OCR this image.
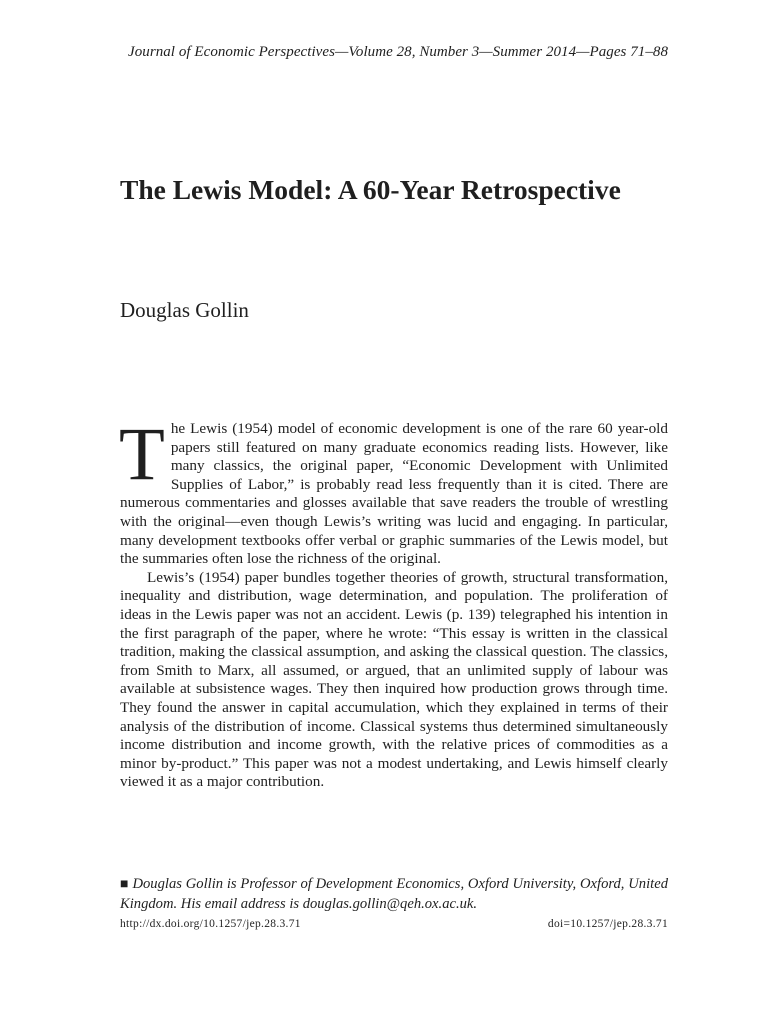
Journal of Economic Perspectives—Volume 28, Number 3—Summer 2014—Pages 71–88
The Lewis Model: A 60-Year Retrospective
Douglas Gollin

The Lewis (1954) model of economic development is one of the rare 60 year-old papers still featured on many graduate economics reading lists. However, like many classics, the original paper, “Economic Development with Unlimited Supplies of Labor,” is probably read less frequently than it is cited. There are numerous commentaries and glosses available that save readers the trouble of wrestling with the original—even though Lewis’s writing was lucid and engaging. In particular, many development textbooks offer verbal or graphic summaries of the Lewis model, but the summaries often lose the richness of the original.

Lewis’s (1954) paper bundles together theories of growth, structural transformation, inequality and distribution, wage determination, and population. The proliferation of ideas in the Lewis paper was not an accident. Lewis (p. 139) telegraphed his intention in the first paragraph of the paper, where he wrote: “This essay is written in the classical tradition, making the classical assumption, and asking the classical question. The classics, from Smith to Marx, all assumed, or argued, that an unlimited supply of labour was available at subsistence wages. They then inquired how production grows through time. They found the answer in capital accumulation, which they explained in terms of their analysis of the distribution of income. Classical systems thus determined simultaneously income distribution and income growth, with the relative prices of commodities as a minor by-product.” This paper was not a modest undertaking, and Lewis himself clearly viewed it as a major contribution.

■ Douglas Gollin is Professor of Development Economics, Oxford University, Oxford, United Kingdom. His email address is douglas.gollin@qeh.ox.ac.uk.
http://dx.doi.org/10.1257/jep.28.3.71	doi=10.1257/jep.28.3.71
